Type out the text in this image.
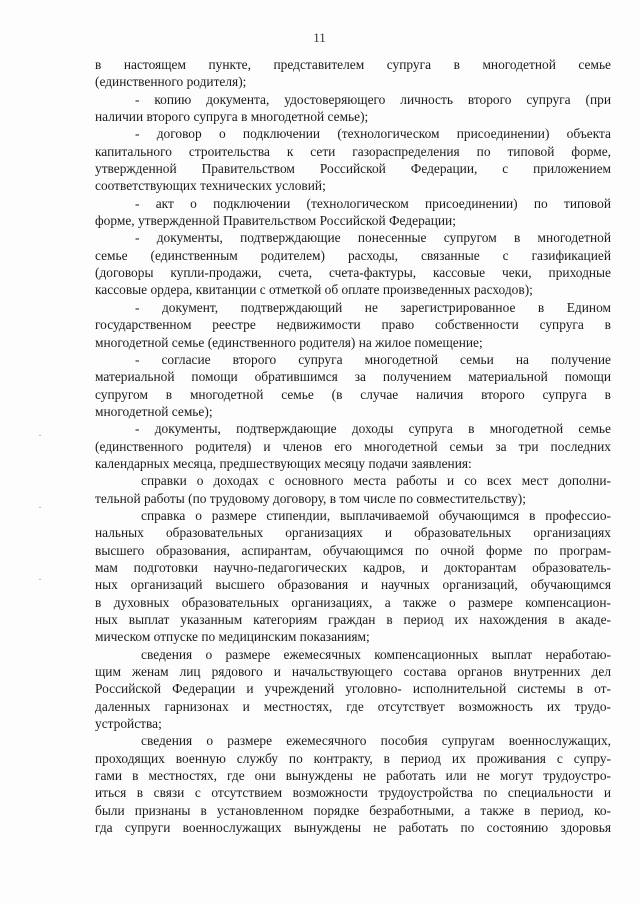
11
·
·
·
в настоящем пункте, представителем супруга в многодетной семье
(единственного родителя);
- копию документа, удостоверяющего личность второго супруга (при
наличии второго супруга в многодетной семье);
- договор о подключении (технологическом присоединении) объекта
капитального строительства к сети газораспределения по типовой форме,
утвержденной Правительством Российской Федерации, с приложением
соответствующих технических условий;
- акт о подключении (технологическом присоединении) по типовой
форме, утвержденной Правительством Российской Федерации;
- документы, подтверждающие понесенные супругом в многодетной
семье (единственным родителем) расходы, связанные с газификацией
(договоры купли-продажи, счета, счета-фактуры, кассовые чеки, приходные
кассовые ордера, квитанции с отметкой об оплате произведенных расходов);
- документ, подтверждающий не зарегистрированное в Едином
государственном реестре недвижимости право собственности супруга в
многодетной семье (единственного родителя) на жилое помещение;
- согласие второго супруга многодетной семьи на получение
материальной помощи обратившимся за получением материальной помощи
супругом в многодетной семье (в случае наличия второго супруга в
многодетной семье);
- документы, подтверждающие доходы супруга в многодетной семье
(единственного родителя) и членов его многодетной семьи за три последних
календарных месяца, предшествующих месяцу подачи заявления:
справки о доходах с основного места работы и со всех мест дополни-
тельной работы (по трудовому договору, в том числе по совместительству);
справка о размере стипендии, выплачиваемой обучающимся в профессио-
нальных образовательных организациях и образовательных организациях
высшего образования, аспирантам, обучающимся по очной форме по програм-
мам подготовки научно-педагогических кадров, и докторантам образователь-
ных организаций высшего образования и научных организаций, обучающимся
в духовных образовательных организациях, а также о размере компенсацион-
ных выплат указанным категориям граждан в период их нахождения в акаде-
мическом отпуске по медицинским показаниям;
сведения о размере ежемесячных компенсационных выплат неработаю-
щим женам лиц рядового и начальствующего состава органов внутренних дел
Российской Федерации и учреждений уголовно- исполнительной системы в от-
даленных гарнизонах и местностях, где отсутствует возможность их трудо-
устройства;
сведения о размере ежемесячного пособия супругам военнослужащих,
проходящих военную службу по контракту, в период их проживания с супру-
гами в местностях, где они вынуждены не работать или не могут трудоустро-
иться в связи с отсутствием возможности трудоустройства по специальности и
были признаны в установленном порядке безработными, а также в период, ко-
гда супруги военнослужащих вынуждены не работать по состоянию здоровья
